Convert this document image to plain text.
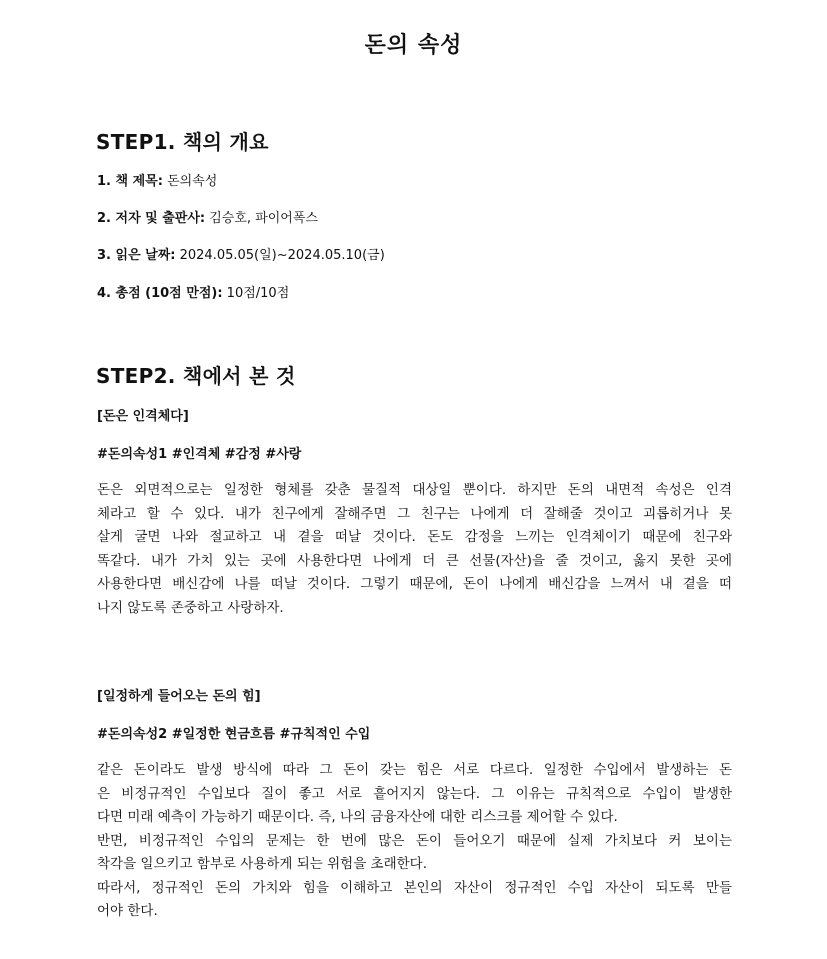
돈의 속성
STEP1. 책의 개요
1. 책 제목: 돈의속성
2. 저자 및 출판사: 김승호, 파이어폭스
3. 읽은 날짜: 2024.05.05(일)~2024.05.10(금)
4. 총점 (10점 만점): 10점/10점
STEP2. 책에서 본 것
[돈은 인격체다]
#돈의속성1 #인격체 #감정 #사랑
돈은 외면적으로는 일정한 형체를 갖춘 물질적 대상일 뿐이다. 하지만 돈의 내면적 속성은 인격
체라고 할 수 있다. 내가 친구에게 잘해주면 그 친구는 나에게 더 잘해줄 것이고 괴롭히거나 못
살게 굴면 나와 절교하고 내 곁을 떠날 것이다. 돈도 감정을 느끼는 인격체이기 때문에 친구와
똑같다. 내가 가치 있는 곳에 사용한다면 나에게 더 큰 선물(자산)을 줄 것이고, 옳지 못한 곳에
사용한다면 배신감에 나를 떠날 것이다. 그렇기 때문에, 돈이 나에게 배신감을 느껴서 내 곁을 떠
나지 않도록 존중하고 사랑하자.
[일정하게 들어오는 돈의 힘]
#돈의속성2 #일정한 현금흐름 #규칙적인 수입
같은 돈이라도 발생 방식에 따라 그 돈이 갖는 힘은 서로 다르다. 일정한 수입에서 발생하는 돈
은 비정규적인 수입보다 질이 좋고 서로 흩어지지 않는다. 그 이유는 규칙적으로 수입이 발생한
다면 미래 예측이 가능하기 때문이다. 즉, 나의 금융자산에 대한 리스크를 제어할 수 있다.
반면, 비정규적인 수입의 문제는 한 번에 많은 돈이 들어오기 때문에 실제 가치보다 커 보이는
착각을 일으키고 함부로 사용하게 되는 위험을 초래한다.
따라서, 정규적인 돈의 가치와 힘을 이해하고 본인의 자산이 정규적인 수입 자산이 되도록 만들
어야 한다.
